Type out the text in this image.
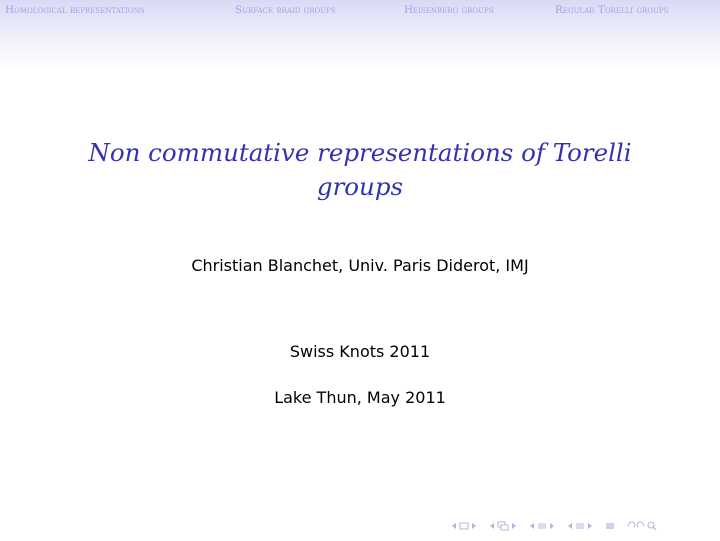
Homological representations	Surface braid groups	Heisenberg groups	Regular Torelli groups
Non commutative representations of Torelli
groups
Christian Blanchet, Univ. Paris Diderot, IMJ
Swiss Knots 2011
Lake Thun, May 2011
